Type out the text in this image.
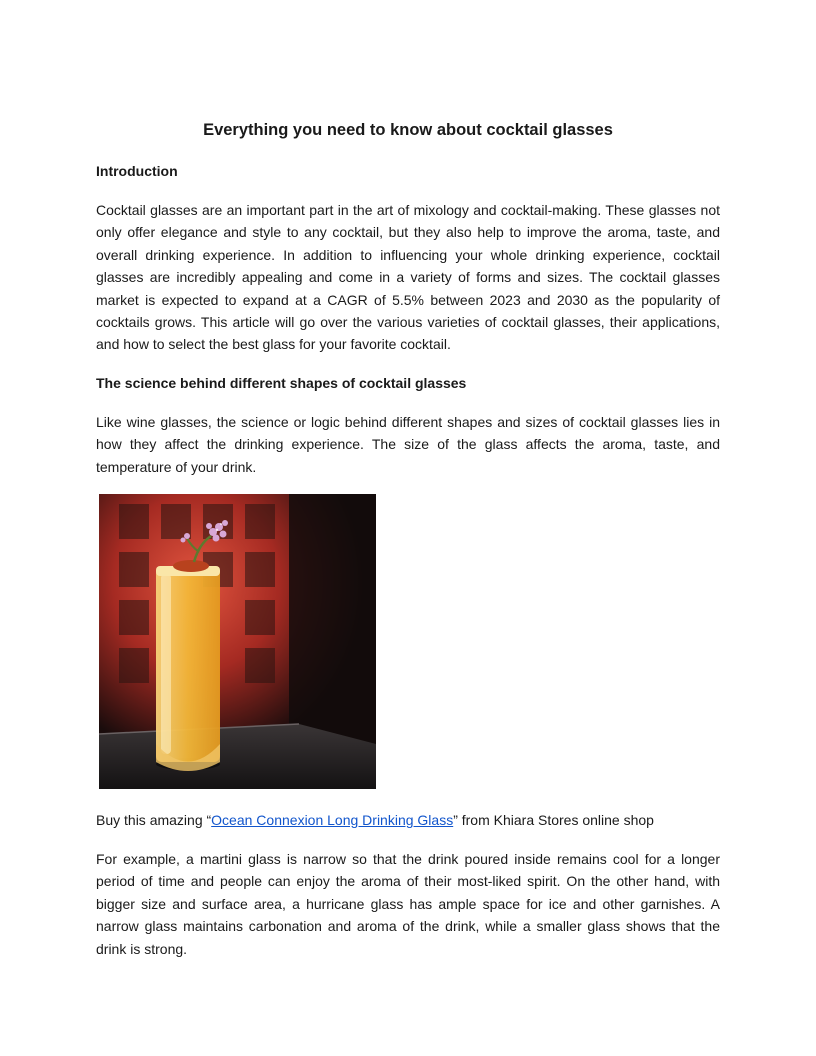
Everything you need to know about cocktail glasses
Introduction

Cocktail glasses are an important part in the art of mixology and cocktail-making. These glasses not only offer elegance and style to any cocktail, but they also help to improve the aroma, taste, and overall drinking experience. In addition to influencing your whole drinking experience, cocktail glasses are incredibly appealing and come in a variety of forms and sizes. The cocktail glasses market is expected to expand at a CAGR of 5.5% between 2023 and 2030 as the popularity of cocktails grows. This article will go over the various varieties of cocktail glasses, their applications, and how to select the best glass for your favorite cocktail.

The science behind different shapes of cocktail glasses

Like wine glasses, the science or logic behind different shapes and sizes of cocktail glasses lies in how they affect the drinking experience. The size of the glass affects the aroma, taste, and temperature of your drink.

Buy this amazing “Ocean Connexion Long Drinking Glass” from Khiara Stores online shop

For example, a martini glass is narrow so that the drink poured inside remains cool for a longer period of time and people can enjoy the aroma of their most-liked spirit. On the other hand, with bigger size and surface area, a hurricane glass has ample space for ice and other garnishes. A narrow glass maintains carbonation and aroma of the drink, while a smaller glass shows that the drink is strong.
